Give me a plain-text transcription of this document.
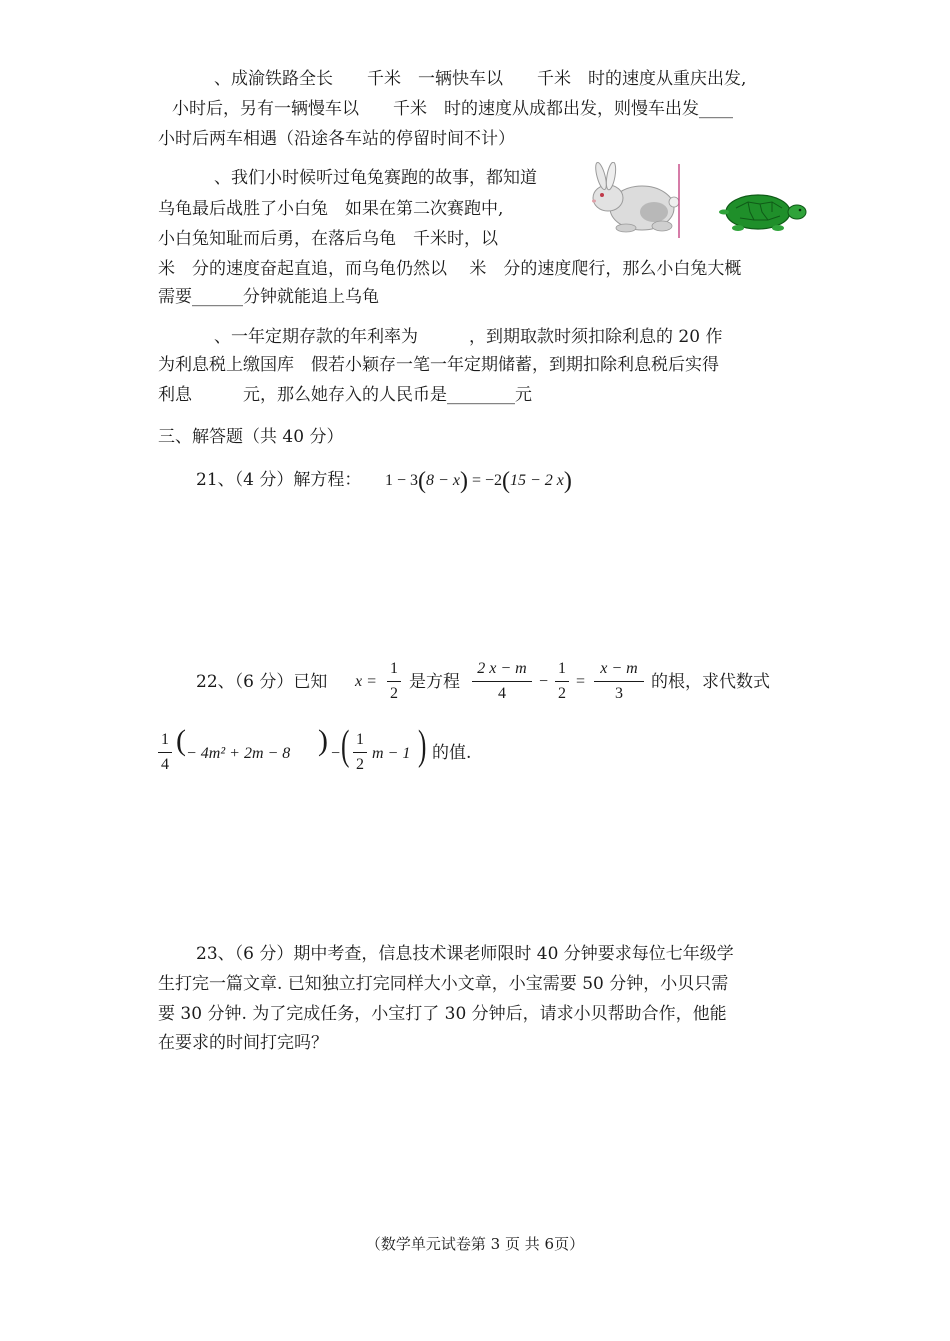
、成渝铁路全长　　千米　一辆快车以　　千米　时的速度从重庆出发,
小时后，另有一辆慢车以　　千米　时的速度从成都出发，则慢车出发____
小时后两车相遇（沿途各车站的停留时间不计）
、我们小时候听过龟兔赛跑的故事，都知道
乌龟最后战胜了小白兔　如果在第二次赛跑中,
小白兔知耻而后勇，在落后乌龟　千米时，以
米　分的速度奋起直追，而乌龟仍然以　 米　分的速度爬行，那么小白兔大概
需要______分钟就能追上乌龟
、一年定期存款的年利率为　　　，到期取款时须扣除利息的 20 作
为利息税上缴国库　假若小颖存一笔一年定期储蓄，到期扣除利息税后实得
利息　　　元，那么她存入的人民币是________元
三、解答题（共 40 分）
21、（4 分）解方程： 1 − 3(8 − x) = −2(15 − 2 x)
22、（6 分）已知 x =
1
2
是方程
2 x − m
4
−
1
2
=
x − m
3
的根，求代数式
1
4
( − 4m² + 2m − 8 ) − ( 1
2
m − 1 ) 的值.
23、（6 分）期中考查，信息技术课老师限时 40 分钟要求每位七年级学
生打完一篇文章. 已知独立打完同样大小文章，小宝需要 50 分钟，小贝只需
要 30 分钟. 为了完成任务，小宝打了 30 分钟后，请求小贝帮助合作，他能
在要求的时间打完吗？
（数学单元试卷第 3 页 共 6页）
